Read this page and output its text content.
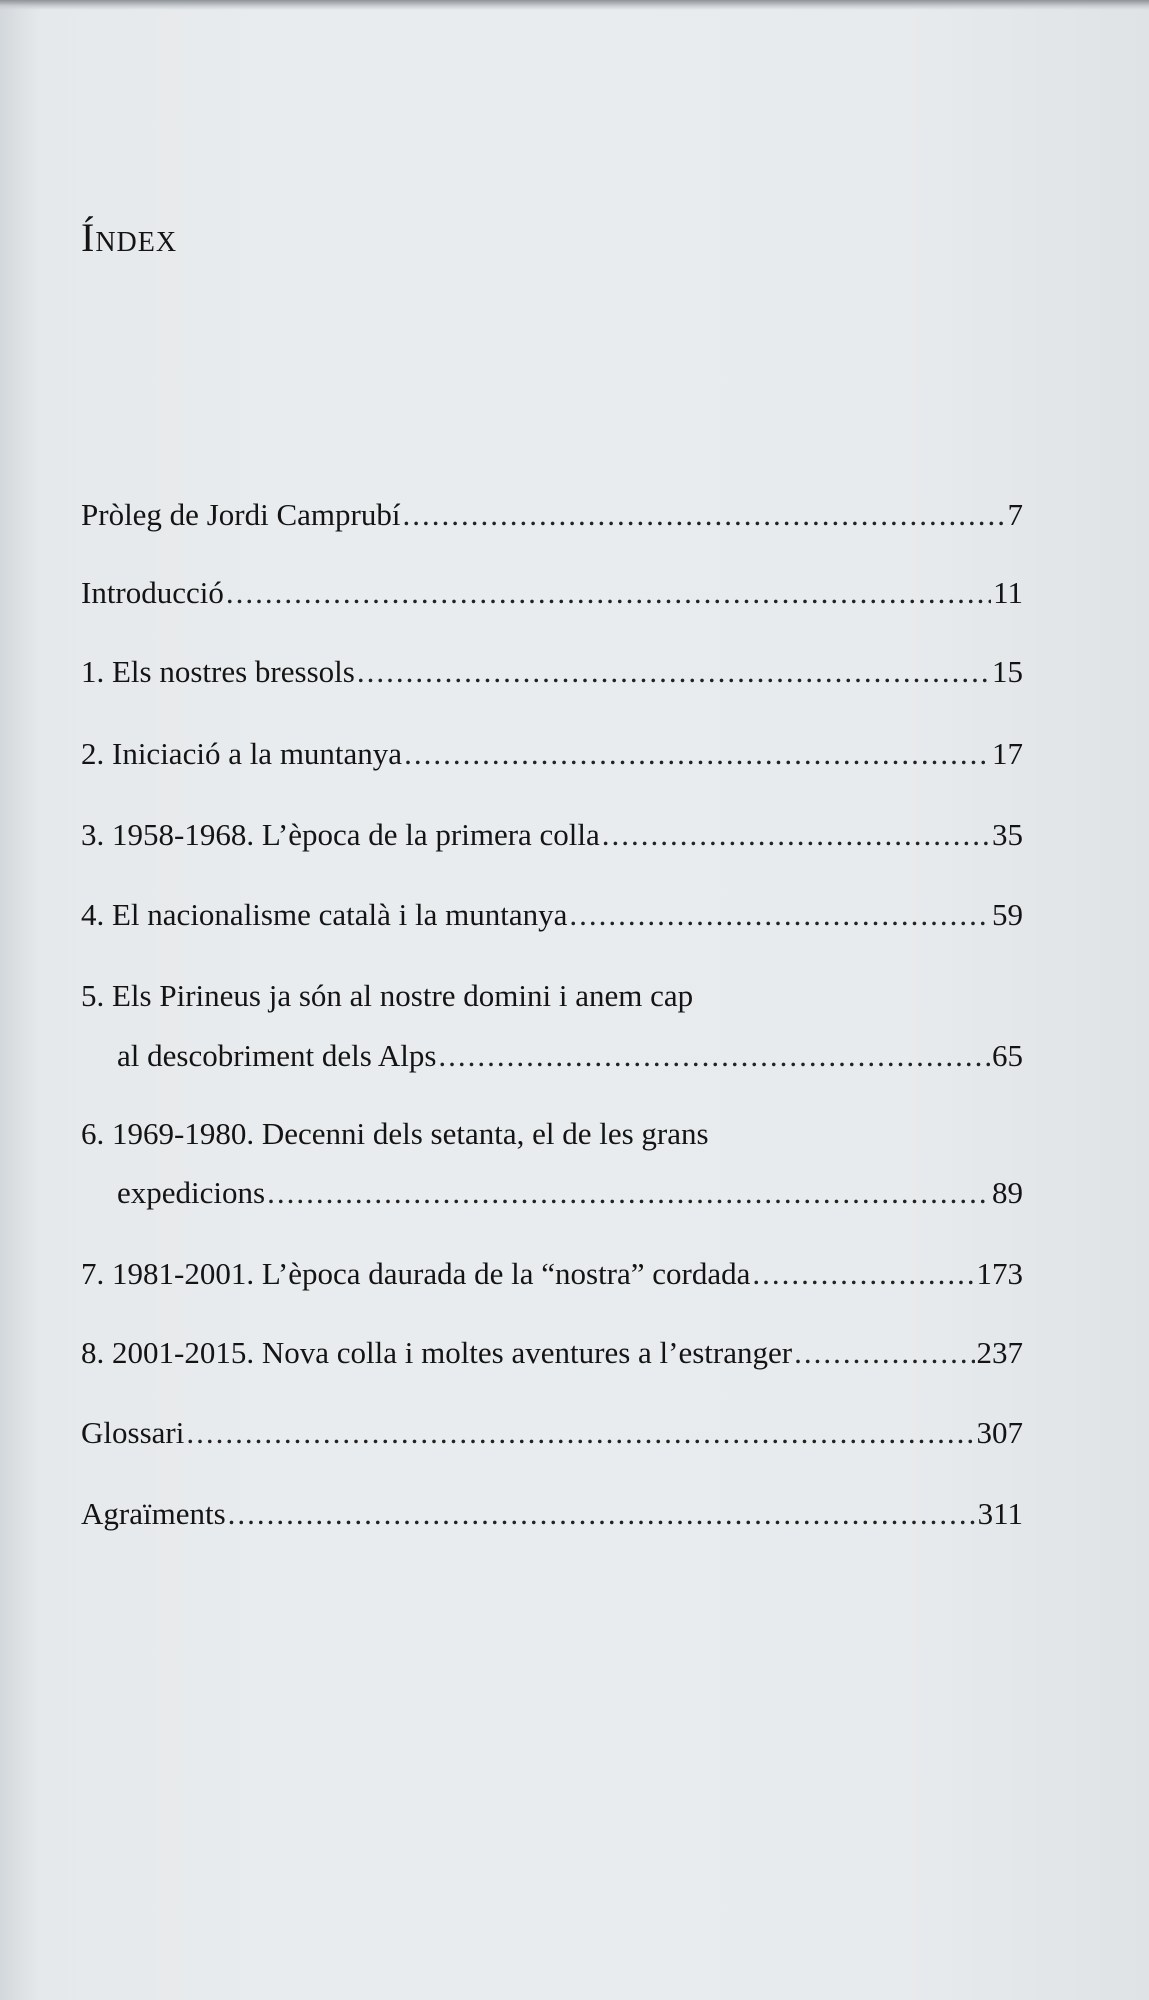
Índex
Pròleg de Jordi Camprubí .....	7
Introducció .....	11
1. Els nostres bressols .....	15
2. Iniciació a la muntanya .....	17
3. 1958-1968. L’època de la primera colla .....	35
4. El nacionalisme català i la muntanya .....	59
5. Els Pirineus ja són al nostre domini i anem cap
al descobriment dels Alps .....	65
6. 1969-1980. Decenni dels setanta, el de les grans
expedicions .....	89
7. 1981-2001. L’època daurada de la “nostra” cordada .....	173
8. 2001-2015. Nova colla i moltes aventures a l’estranger .....	237
Glossari .....	307
Agraïments .....	311
